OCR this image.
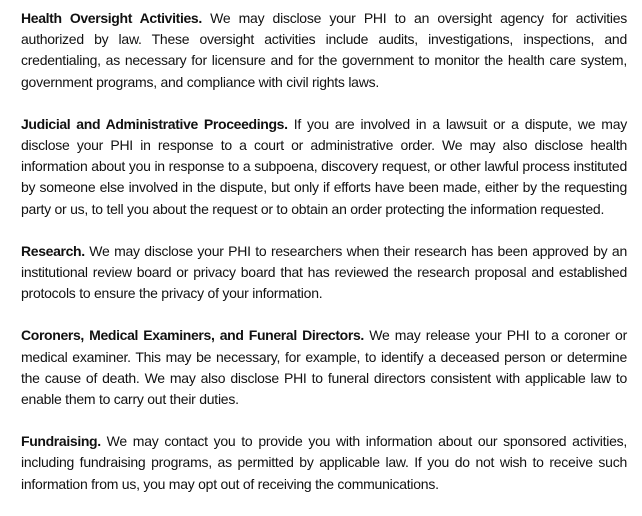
Health Oversight Activities. We may disclose your PHI to an oversight agency for activities authorized by law. These oversight activities include audits, investigations, inspections, and credentialing, as necessary for licensure and for the government to monitor the health care system, government programs, and compliance with civil rights laws.

Judicial and Administrative Proceedings. If you are involved in a lawsuit or a dispute, we may disclose your PHI in response to a court or administrative order. We may also disclose health information about you in response to a subpoena, discovery request, or other lawful process instituted by someone else involved in the dispute, but only if efforts have been made, either by the requesting party or us, to tell you about the request or to obtain an order protecting the information requested.

Research. We may disclose your PHI to researchers when their research has been approved by an institutional review board or privacy board that has reviewed the research proposal and established protocols to ensure the privacy of your information.

Coroners, Medical Examiners, and Funeral Directors. We may release your PHI to a coroner or medical examiner. This may be necessary, for example, to identify a deceased person or determine the cause of death. We may also disclose PHI to funeral directors consistent with applicable law to enable them to carry out their duties.

Fundraising. We may contact you to provide you with information about our sponsored activities, including fundraising programs, as permitted by applicable law. If you do not wish to receive such information from us, you may opt out of receiving the communications.
